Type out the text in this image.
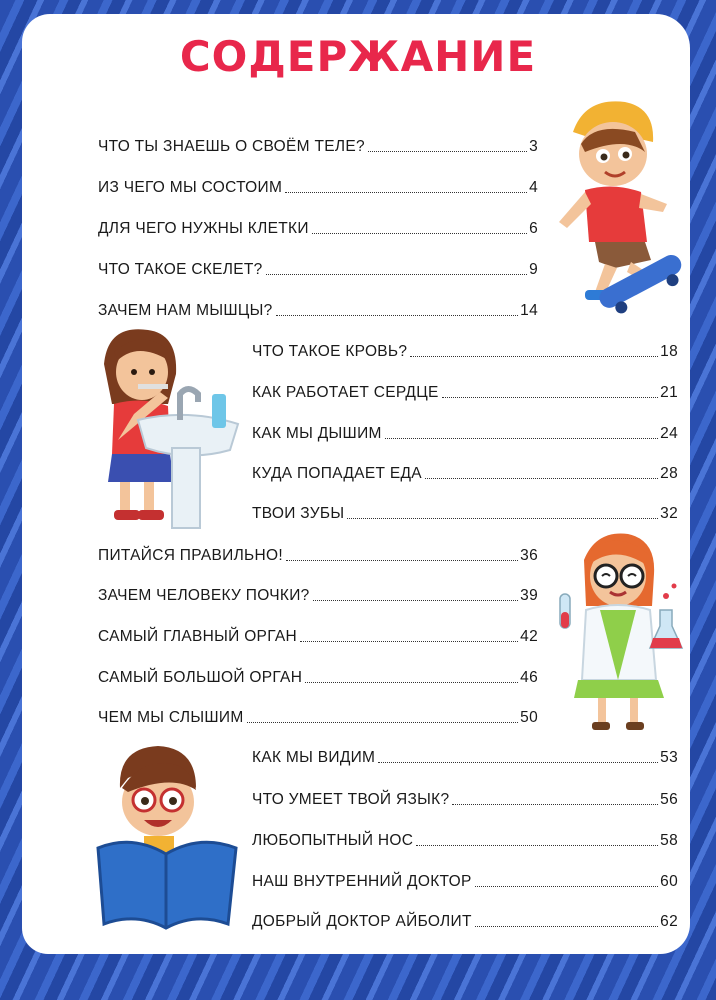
СОДЕРЖАНИЕ
ЧТО ТЫ ЗНАЕШЬ О СВОЁМ ТЕЛЕ?	3
ИЗ ЧЕГО МЫ СОСТОИМ	4
ДЛЯ ЧЕГО НУЖНЫ КЛЕТКИ	6
ЧТО ТАКОЕ СКЕЛЕТ?	9
ЗАЧЕМ НАМ МЫШЦЫ?	14
ЧТО ТАКОЕ КРОВЬ?	18
КАК РАБОТАЕТ СЕРДЦЕ	21
КАК МЫ ДЫШИМ	24
КУДА ПОПАДАЕТ ЕДА	28
ТВОИ ЗУБЫ	32
ПИТАЙСЯ ПРАВИЛЬНО!	36
ЗАЧЕМ ЧЕЛОВЕКУ ПОЧКИ?	39
САМЫЙ ГЛАВНЫЙ ОРГАН	42
САМЫЙ БОЛЬШОЙ ОРГАН	46
ЧЕМ МЫ СЛЫШИМ	50
КАК МЫ ВИДИМ	53
ЧТО УМЕЕТ ТВОЙ ЯЗЫК?	56
ЛЮБОПЫТНЫЙ НОС	58
НАШ ВНУТРЕННИЙ ДОКТОР	60
ДОБРЫЙ ДОКТОР АЙБОЛИТ	62
